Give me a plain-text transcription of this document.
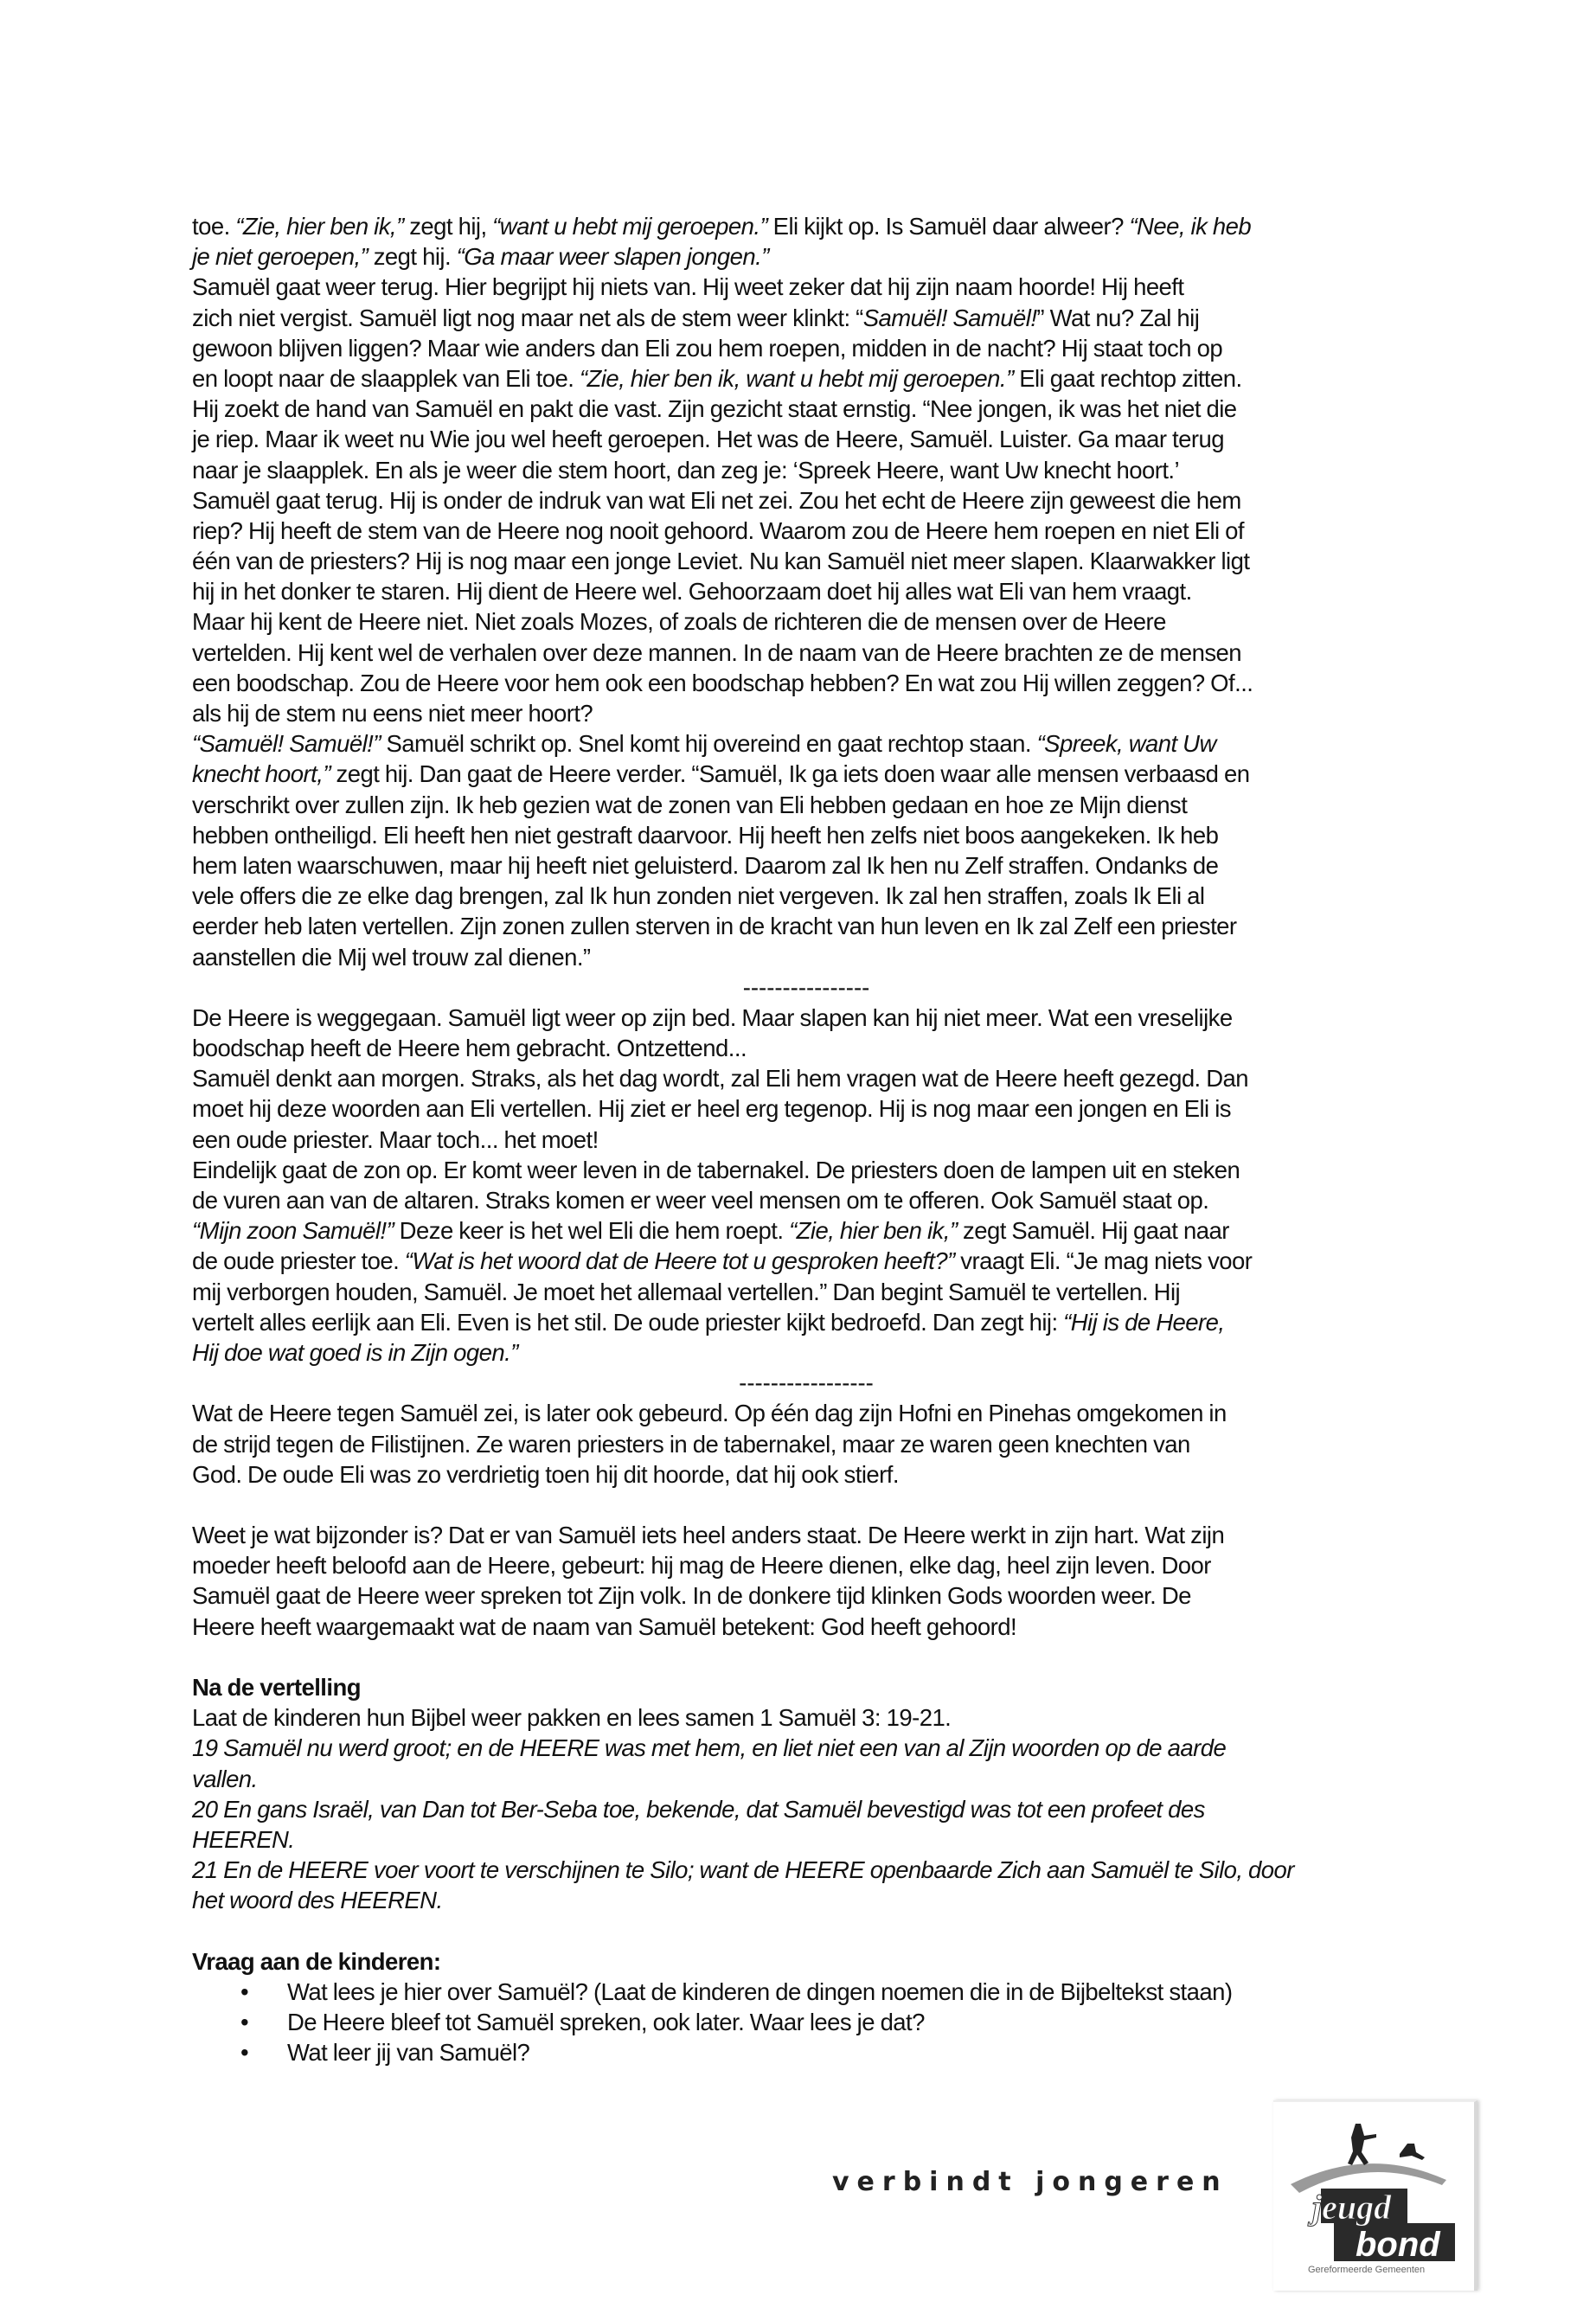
toe. “Zie, hier ben ik,” zegt hij, “want u hebt mij geroepen.” Eli kijkt op. Is Samuël daar alweer? “Nee, ik heb
je niet geroepen,” zegt hij. “Ga maar weer slapen jongen.”
Samuël gaat weer terug. Hier begrijpt hij niets van. Hij weet zeker dat hij zijn naam hoorde! Hij heeft
zich niet vergist. Samuël ligt nog maar net als de stem weer klinkt: “Samuël! Samuël!” Wat nu? Zal hij
gewoon blijven liggen? Maar wie anders dan Eli zou hem roepen, midden in de nacht? Hij staat toch op
en loopt naar de slaapplek van Eli toe. “Zie, hier ben ik, want u hebt mij geroepen.” Eli gaat rechtop zitten.
Hij zoekt de hand van Samuël en pakt die vast. Zijn gezicht staat ernstig. “Nee jongen, ik was het niet die
je riep. Maar ik weet nu Wie jou wel heeft geroepen. Het was de Heere, Samuël. Luister. Ga maar terug
naar je slaapplek. En als je weer die stem hoort, dan zeg je: ‘Spreek Heere, want Uw knecht hoort.’
Samuël gaat terug. Hij is onder de indruk van wat Eli net zei. Zou het echt de Heere zijn geweest die hem
riep? Hij heeft de stem van de Heere nog nooit gehoord. Waarom zou de Heere hem roepen en niet Eli of
één van de priesters? Hij is nog maar een jonge Leviet. Nu kan Samuël niet meer slapen. Klaarwakker ligt
hij in het donker te staren. Hij dient de Heere wel. Gehoorzaam doet hij alles wat Eli van hem vraagt.
Maar hij kent de Heere niet. Niet zoals Mozes, of zoals de richteren die de mensen over de Heere
vertelden. Hij kent wel de verhalen over deze mannen. In de naam van de Heere brachten ze de mensen
een boodschap. Zou de Heere voor hem ook een boodschap hebben? En wat zou Hij willen zeggen? Of...
als hij de stem nu eens niet meer hoort?
“Samuël! Samuël!” Samuël schrikt op. Snel komt hij overeind en gaat rechtop staan. “Spreek, want Uw
knecht hoort,” zegt hij. Dan gaat de Heere verder. “Samuël, Ik ga iets doen waar alle mensen verbaasd en
verschrikt over zullen zijn. Ik heb gezien wat de zonen van Eli hebben gedaan en hoe ze Mijn dienst
hebben ontheiligd. Eli heeft hen niet gestraft daarvoor. Hij heeft hen zelfs niet boos aangekeken. Ik heb
hem laten waarschuwen, maar hij heeft niet geluisterd. Daarom zal Ik hen nu Zelf straffen. Ondanks de
vele offers die ze elke dag brengen, zal Ik hun zonden niet vergeven. Ik zal hen straffen, zoals Ik Eli al
eerder heb laten vertellen. Zijn zonen zullen sterven in de kracht van hun leven en Ik zal Zelf een priester
aanstellen die Mij wel trouw zal dienen.”
----------------
De Heere is weggegaan. Samuël ligt weer op zijn bed. Maar slapen kan hij niet meer. Wat een vreselijke
boodschap heeft de Heere hem gebracht. Ontzettend...
Samuël denkt aan morgen. Straks, als het dag wordt, zal Eli hem vragen wat de Heere heeft gezegd. Dan
moet hij deze woorden aan Eli vertellen. Hij ziet er heel erg tegenop. Hij is nog maar een jongen en Eli is
een oude priester. Maar toch... het moet!
Eindelijk gaat de zon op. Er komt weer leven in de tabernakel. De priesters doen de lampen uit en steken
de vuren aan van de altaren. Straks komen er weer veel mensen om te offeren. Ook Samuël staat op.
“Mijn zoon Samuël!” Deze keer is het wel Eli die hem roept. “Zie, hier ben ik,” zegt Samuël. Hij gaat naar
de oude priester toe. “Wat is het woord dat de Heere tot u gesproken heeft?” vraagt Eli. “Je mag niets voor
mij verborgen houden, Samuël. Je moet het allemaal vertellen.” Dan begint Samuël te vertellen. Hij
vertelt alles eerlijk aan Eli. Even is het stil. De oude priester kijkt bedroefd. Dan zegt hij: “Hij is de Heere,
Hij doe wat goed is in Zijn ogen.”
-----------------
Wat de Heere tegen Samuël zei, is later ook gebeurd. Op één dag zijn Hofni en Pinehas omgekomen in
de strijd tegen de Filistijnen. Ze waren priesters in de tabernakel, maar ze waren geen knechten van
God. De oude Eli was zo verdrietig toen hij dit hoorde, dat hij ook stierf.
Weet je wat bijzonder is? Dat er van Samuël iets heel anders staat. De Heere werkt in zijn hart. Wat zijn
moeder heeft beloofd aan de Heere, gebeurt: hij mag de Heere dienen, elke dag, heel zijn leven. Door
Samuël gaat de Heere weer spreken tot Zijn volk. In de donkere tijd klinken Gods woorden weer. De
Heere heeft waargemaakt wat de naam van Samuël betekent: God heeft gehoord!
Na de vertelling
Laat de kinderen hun Bijbel weer pakken en lees samen 1 Samuël 3: 19-21.
19 Samuël nu werd groot; en de HEERE was met hem, en liet niet een van al Zijn woorden op de aarde
vallen.
20 En gans Israël, van Dan tot Ber-Seba toe, bekende, dat Samuël bevestigd was tot een profeet des
HEEREN.
21 En de HEERE voer voort te verschijnen te Silo; want de HEERE openbaarde Zich aan Samuël te Silo, door
het woord des HEEREN.
Vraag aan de kinderen:
• Wat lees je hier over Samuël? (Laat de kinderen de dingen noemen die in de Bijbeltekst staan)
• De Heere bleef tot Samuël spreken, ook later. Waar lees je dat?
• Wat leer jij van Samuël?
verbindt jongeren
jeugd
bond
Gereformeerde Gemeenten
